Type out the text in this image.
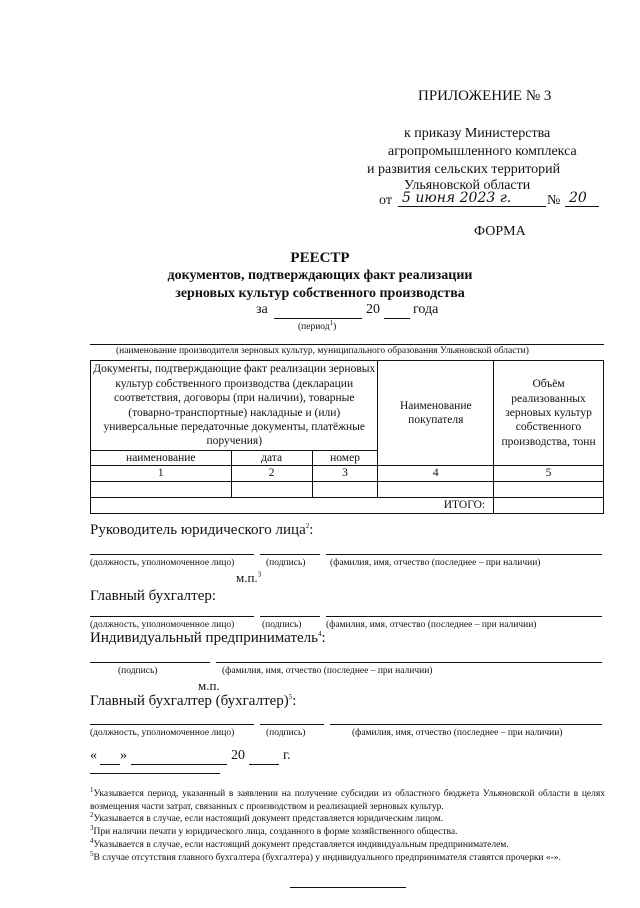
ПРИЛОЖЕНИЕ № 3
к приказу Министерства
агропромышленного комплекса
и развития сельских территорий
Ульяновской области
от 5 июня 2023 г.	№ 20
ФОРМА
РЕЕСТР
документов, подтверждающих факт реализации
зерновых культур собственного производства
за	20 года
(период$^1$)
(наименование производителя зерновых культур, муниципального образования Ульяновской области)
Документы, подтверждающие факт реализации зерновых культур собственного производства (декларации соответствия, договоры (при наличии), товарные (товарно-транспортные) накладные и (или) универсальные передаточные документы, платёжные поручения)			Наименование покупателя	Объём реализованных зерновых культур собственного производства, тонн
наименование	дата	номер		
1	2	3	4	5

ИТОГО:				
Руководитель юридического лица$^2$:
(должность, уполномоченное лицо)	(подпись)	(фамилия, имя, отчество (последнее – при наличии)
м.п.$^3$
Главный бухгалтер:
(должность, уполномоченное лицо)	(подпись)	(фамилия, имя, отчество (последнее – при наличии)
Индивидуальный предприниматель$^4$:
(подпись)	(фамилия, имя, отчество (последнее – при наличии)
м.п.
Главный бухгалтер (бухгалтер)$^5$:
(должность, уполномоченное лицо)	(подпись)	(фамилия, имя, отчество (последнее – при наличии)
« »	20	г.
$^1$Указывается период, указанный в заявлении на получение субсидии из областного бюджета Ульяновской области в целях возмещения части затрат, связанных с производством и реализацией зерновых культур.
$^2$Указывается в случае, если настоящий документ представляется юридическим лицом.
$^3$При наличии печати у юридического лица, созданного в форме хозяйственного общества.
$^4$Указывается в случае, если настоящий документ представляется индивидуальным предпринимателем.
$^5$В случае отсутствия главного бухгалтера (бухгалтера) у индивидуального предпринимателя ставятся прочерки «-».
